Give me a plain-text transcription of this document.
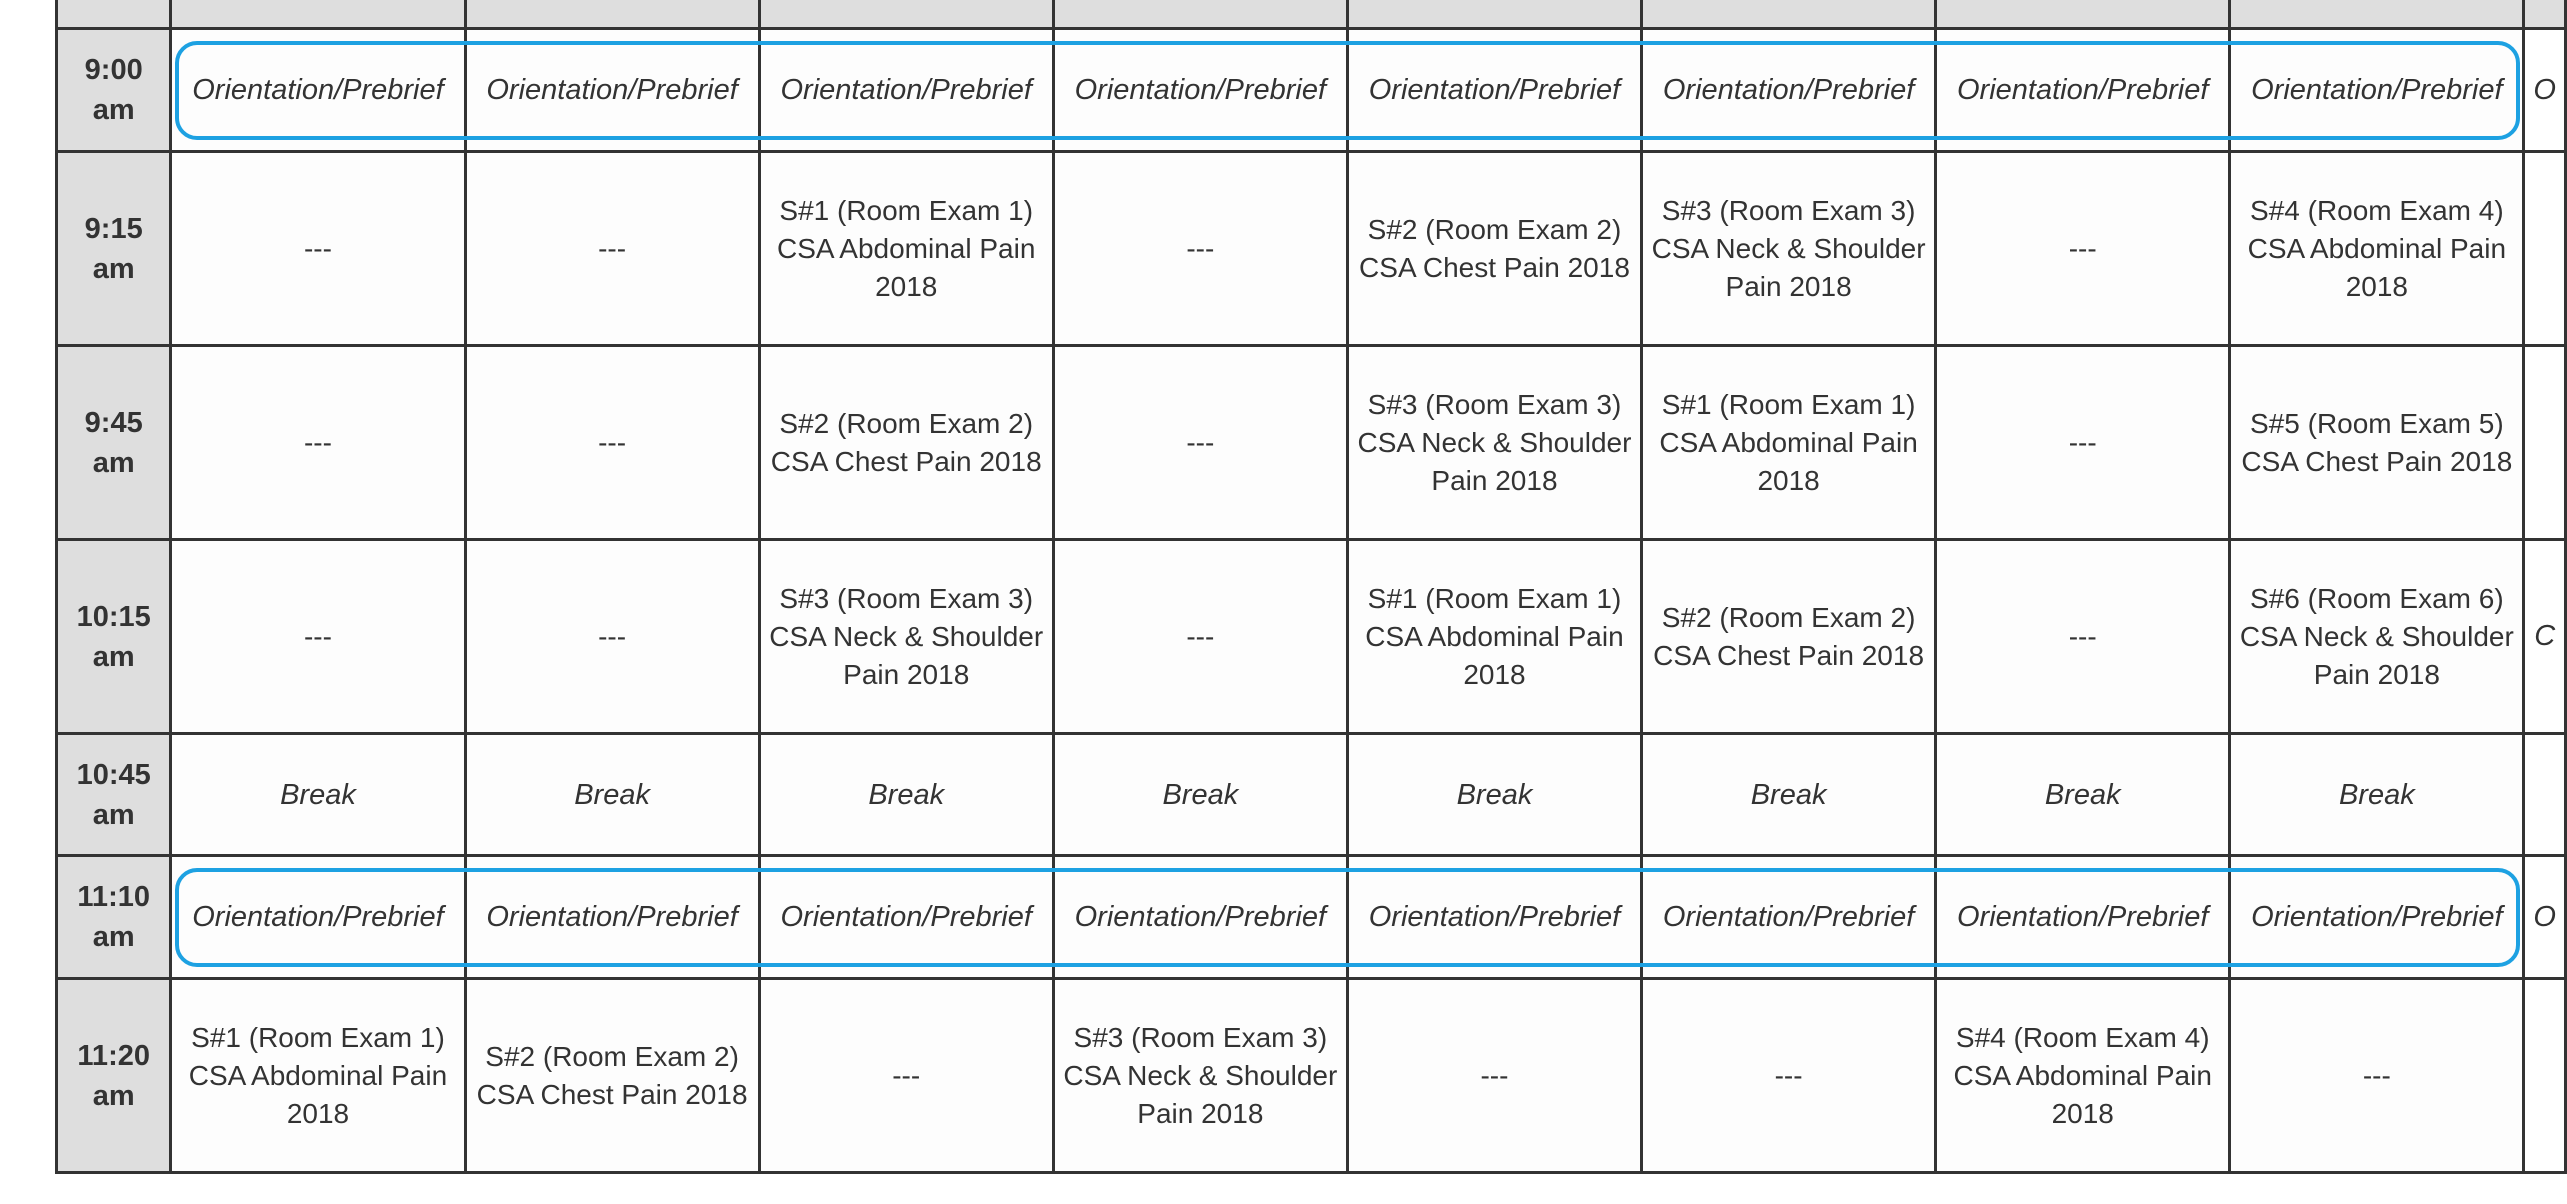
9:00 am	Orientation/Prebrief	Orientation/Prebrief	Orientation/Prebrief	Orientation/Prebrief	Orientation/Prebrief	Orientation/Prebrief	Orientation/Prebrief	Orientation/Prebrief	O
9:15 am	---	---	S#1 (Room Exam 1) CSA Abdominal Pain 2018	---	S#2 (Room Exam 2) CSA Chest Pain 2018	S#3 (Room Exam 3) CSA Neck & Shoulder Pain 2018	---	S#4 (Room Exam 4) CSA Abdominal Pain 2018	
9:45 am	---	---	S#2 (Room Exam 2) CSA Chest Pain 2018	---	S#3 (Room Exam 3) CSA Neck & Shoulder Pain 2018	S#1 (Room Exam 1) CSA Abdominal Pain 2018	---	S#5 (Room Exam 5) CSA Chest Pain 2018	
10:15 am	---	---	S#3 (Room Exam 3) CSA Neck & Shoulder Pain 2018	---	S#1 (Room Exam 1) CSA Abdominal Pain 2018	S#2 (Room Exam 2) CSA Chest Pain 2018	---	S#6 (Room Exam 6) CSA Neck & Shoulder Pain 2018	C
10:45 am	Break	Break	Break	Break	Break	Break	Break	Break	
11:10 am	Orientation/Prebrief	Orientation/Prebrief	Orientation/Prebrief	Orientation/Prebrief	Orientation/Prebrief	Orientation/Prebrief	Orientation/Prebrief	Orientation/Prebrief	O
11:20 am	S#1 (Room Exam 1) CSA Abdominal Pain 2018	S#2 (Room Exam 2) CSA Chest Pain 2018	---	S#3 (Room Exam 3) CSA Neck & Shoulder Pain 2018	---	---	S#4 (Room Exam 4) CSA Abdominal Pain 2018	---	
